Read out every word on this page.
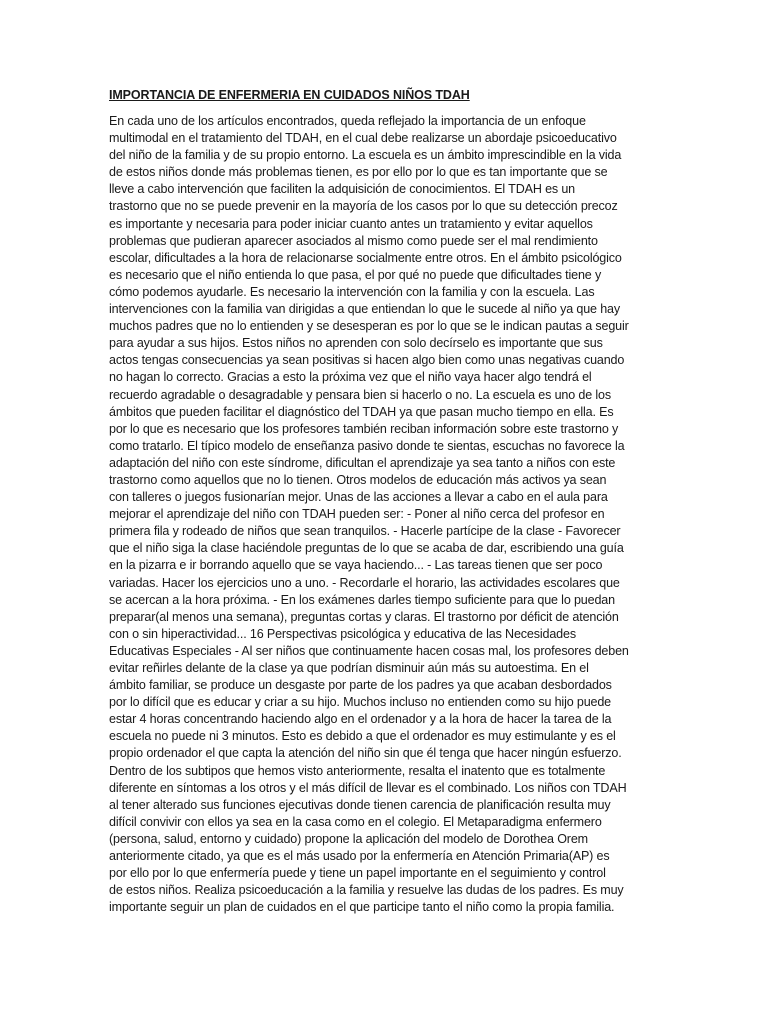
IMPORTANCIA DE ENFERMERIA EN CUIDADOS NIÑOS TDAH

En cada uno de los artículos encontrados, queda reflejado la importancia de un enfoque
multimodal en el tratamiento del TDAH, en el cual debe realizarse un abordaje psicoeducativo
del niño de la familia y de su propio entorno. La escuela es un ámbito imprescindible en la vida
de estos niños donde más problemas tienen, es por ello por lo que es tan importante que se
lleve a cabo intervención que faciliten la adquisición de conocimientos. El TDAH es un
trastorno que no se puede prevenir en la mayoría de los casos por lo que su detección precoz
es importante y necesaria para poder iniciar cuanto antes un tratamiento y evitar aquellos
problemas que pudieran aparecer asociados al mismo como puede ser el mal rendimiento
escolar, dificultades a la hora de relacionarse socialmente entre otros. En el ámbito psicológico
es necesario que el niño entienda lo que pasa, el por qué no puede que dificultades tiene y
cómo podemos ayudarle. Es necesario la intervención con la familia y con la escuela. Las
intervenciones con la familia van dirigidas a que entiendan lo que le sucede al niño ya que hay
muchos padres que no lo entienden y se desesperan es por lo que se le indican pautas a seguir
para ayudar a sus hijos. Estos niños no aprenden con solo decírselo es importante que sus
actos tengas consecuencias ya sean positivas si hacen algo bien como unas negativas cuando
no hagan lo correcto. Gracias a esto la próxima vez que el niño vaya hacer algo tendrá el
recuerdo agradable o desagradable y pensara bien si hacerlo o no. La escuela es uno de los
ámbitos que pueden facilitar el diagnóstico del TDAH ya que pasan mucho tiempo en ella. Es
por lo que es necesario que los profesores también reciban información sobre este trastorno y
como tratarlo. El típico modelo de enseñanza pasivo donde te sientas, escuchas no favorece la
adaptación del niño con este síndrome, dificultan el aprendizaje ya sea tanto a niños con este
trastorno como aquellos que no lo tienen. Otros modelos de educación más activos ya sean
con talleres o juegos fusionarían mejor. Unas de las acciones a llevar a cabo en el aula para
mejorar el aprendizaje del niño con TDAH pueden ser: - Poner al niño cerca del profesor en
primera fila y rodeado de niños que sean tranquilos. - Hacerle partícipe de la clase - Favorecer
que el niño siga la clase haciéndole preguntas de lo que se acaba de dar, escribiendo una guía
en la pizarra e ir borrando aquello que se vaya haciendo... - Las tareas tienen que ser poco
variadas. Hacer los ejercicios uno a uno. - Recordarle el horario, las actividades escolares que
se acercan a la hora próxima. - En los exámenes darles tiempo suficiente para que lo puedan
preparar(al menos una semana), preguntas cortas y claras. El trastorno por déficit de atención
con o sin hiperactividad... 16 Perspectivas psicológica y educativa de las Necesidades
Educativas Especiales - Al ser niños que continuamente hacen cosas mal, los profesores deben
evitar reñirles delante de la clase ya que podrían disminuir aún más su autoestima. En el
ámbito familiar, se produce un desgaste por parte de los padres ya que acaban desbordados
por lo difícil que es educar y criar a su hijo. Muchos incluso no entienden como su hijo puede
estar 4 horas concentrando haciendo algo en el ordenador y a la hora de hacer la tarea de la
escuela no puede ni 3 minutos. Esto es debido a que el ordenador es muy estimulante y es el
propio ordenador el que capta la atención del niño sin que él tenga que hacer ningún esfuerzo.
Dentro de los subtipos que hemos visto anteriormente, resalta el inatento que es totalmente
diferente en síntomas a los otros y el más difícil de llevar es el combinado. Los niños con TDAH
al tener alterado sus funciones ejecutivas donde tienen carencia de planificación resulta muy
difícil convivir con ellos ya sea en la casa como en el colegio. El Metaparadigma enfermero
(persona, salud, entorno y cuidado) propone la aplicación del modelo de Dorothea Orem
anteriormente citado, ya que es el más usado por la enfermería en Atención Primaria(AP) es
por ello por lo que enfermería puede y tiene un papel importante en el seguimiento y control
de estos niños. Realiza psicoeducación a la familia y resuelve las dudas de los padres. Es muy
importante seguir un plan de cuidados en el que participe tanto el niño como la propia familia.
